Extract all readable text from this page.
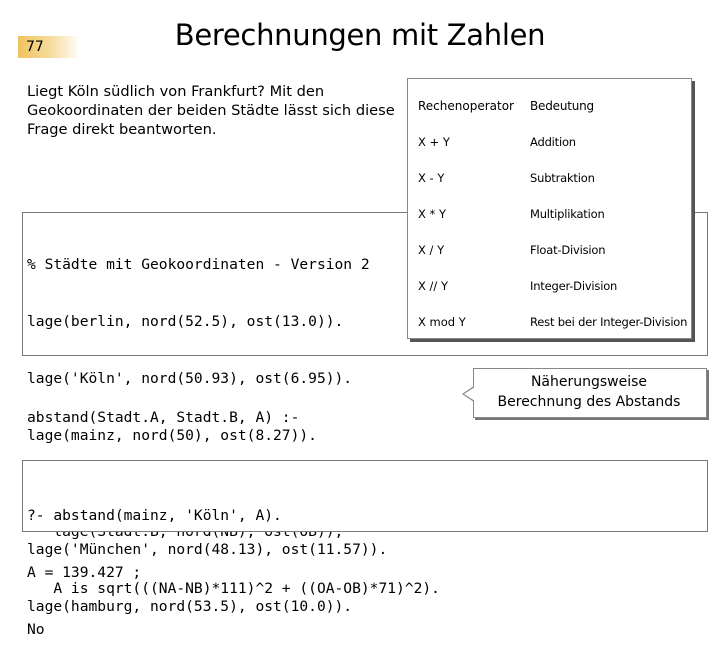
77	Berechnungen mit Zahlen
Liegt Köln südlich von Frankfurt? Mit den
Geokoordinaten der beiden Städte lässt sich diese
Frage direkt beantworten.

% Städte mit Geokoordinaten - Version 2

lage(berlin, nord(52.5), ost(13.0)).

lage('Köln', nord(50.93), ost(6.95)).

lage(mainz, nord(50), ost(8.27)).

lage('München', nord(48.13), ost(11.57)).

lage(hamburg, nord(53.5), ost(10.0)).

abstand(Stadt.A, Stadt.B, A) :-

A is sqrt(((NA-NB)*111)^2 + ((OA-OB)*71)^2).

?- abstand(mainz, 'Köln', A).

A = 139.427 ;

No

Rechenoperator Bedeutung
X + Y	Addition
X - Y	Subtraktion
X * Y	Multiplikation
X / Y	Float-Division
X // Y	Integer-Division
X mod Y	Rest bei der Integer-Division
Näherungsweise
Berechnung des Abstands
